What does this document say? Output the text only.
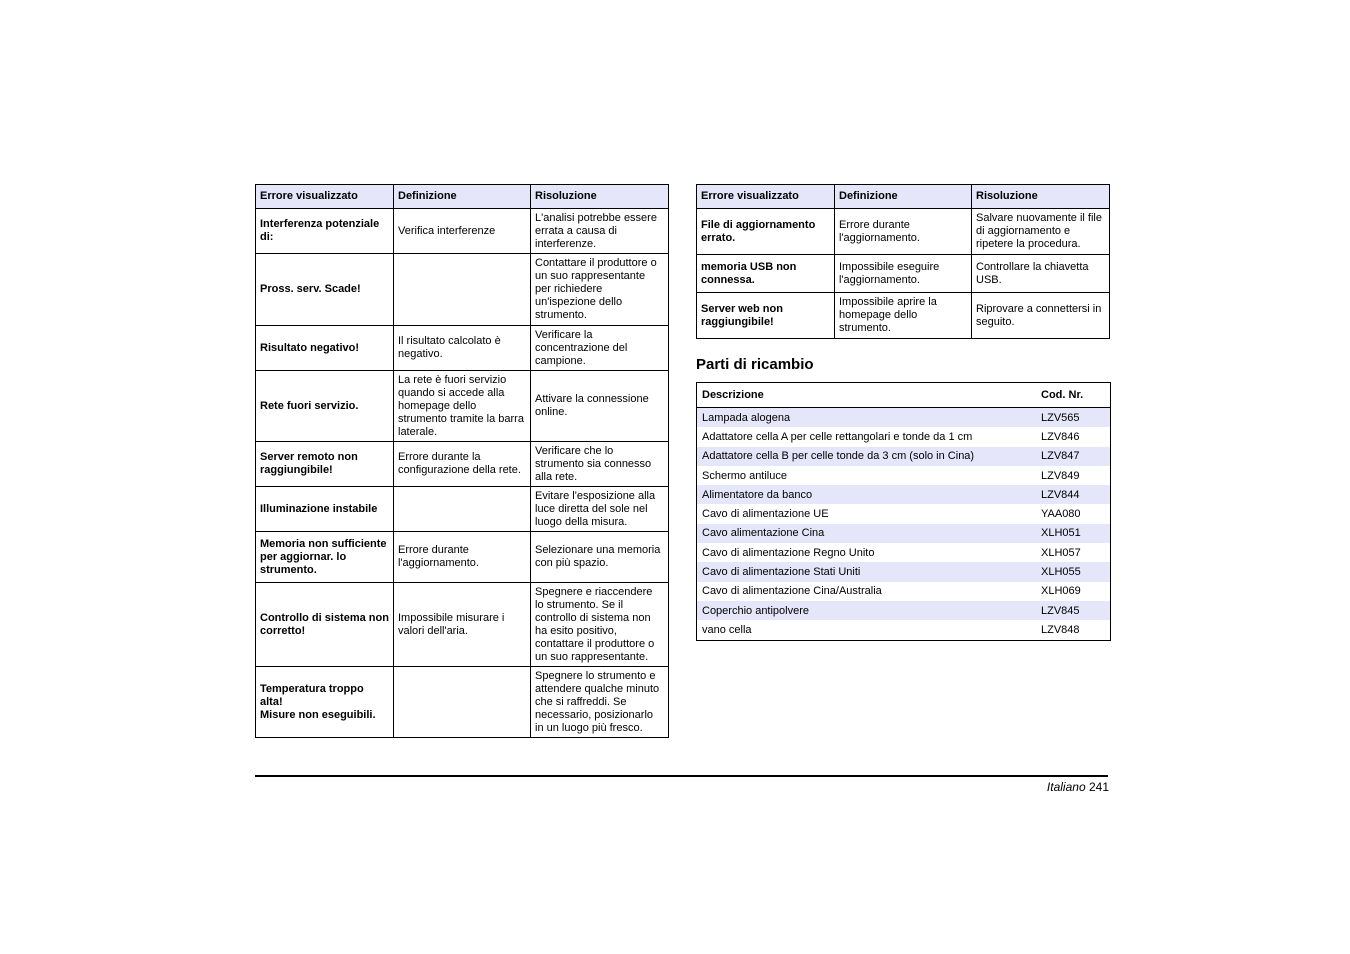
Errore visualizzato	Definizione	Risoluzione

Interferenza potenziale di:	Verifica interferenze	L'analisi potrebbe essere errata a causa di interferenze.

Pross. serv. Scade!		Contattare il produttore o un suo rappresentante per richiedere un'ispezione dello strumento.

Risultato negativo!	Il risultato calcolato è negativo.	Verificare la concentrazione del campione.

Rete fuori servizio.	La rete è fuori servizio quando si accede alla homepage dello strumento tramite la barra laterale.	Attivare la connessione online.

Server remoto non raggiungibile!	Errore durante la configurazione della rete.	Verificare che lo strumento sia connesso alla rete.

Illuminazione instabile		Evitare l'esposizione alla luce diretta del sole nel luogo della misura.

Memoria non sufficiente per aggiornar. lo strumento.	Errore durante l'aggiornamento.	Selezionare una memoria con più spazio.

Controllo di sistema non corretto!	Impossibile misurare i valori dell'aria.	Spegnere e riaccendere lo strumento. Se il controllo di sistema non ha esito positivo, contattare il produttore o un suo rappresentante.

Temperatura troppo alta!
Misure non eseguibili.		Spegnere lo strumento e attendere qualche minuto che si raffreddi. Se necessario, posizionarlo in un luogo più fresco.
Errore visualizzato	Definizione	Risoluzione

File di aggiornamento errato.	Errore durante l'aggiornamento.	Salvare nuovamente il file di aggiornamento e ripetere la procedura.

memoria USB non connessa.	Impossibile eseguire l'aggiornamento.	Controllare la chiavetta USB.

Server web non raggiungibile!	Impossibile aprire la homepage dello strumento.	Riprovare a connettersi in seguito.
Parti di ricambio
Descrizione	Cod. Nr.
Lampada alogena	LZV565
Adattatore cella A per celle rettangolari e tonde da 1 cm	LZV846
Adattatore cella B per celle tonde da 3 cm (solo in Cina)	LZV847
Schermo antiluce	LZV849
Alimentatore da banco	LZV844
Cavo di alimentazione UE	YAA080
Cavo alimentazione Cina	XLH051
Cavo di alimentazione Regno Unito	XLH057
Cavo di alimentazione Stati Uniti	XLH055
Cavo di alimentazione Cina/Australia	XLH069
Coperchio antipolvere	LZV845
vano cella	LZV848
Italiano 241
